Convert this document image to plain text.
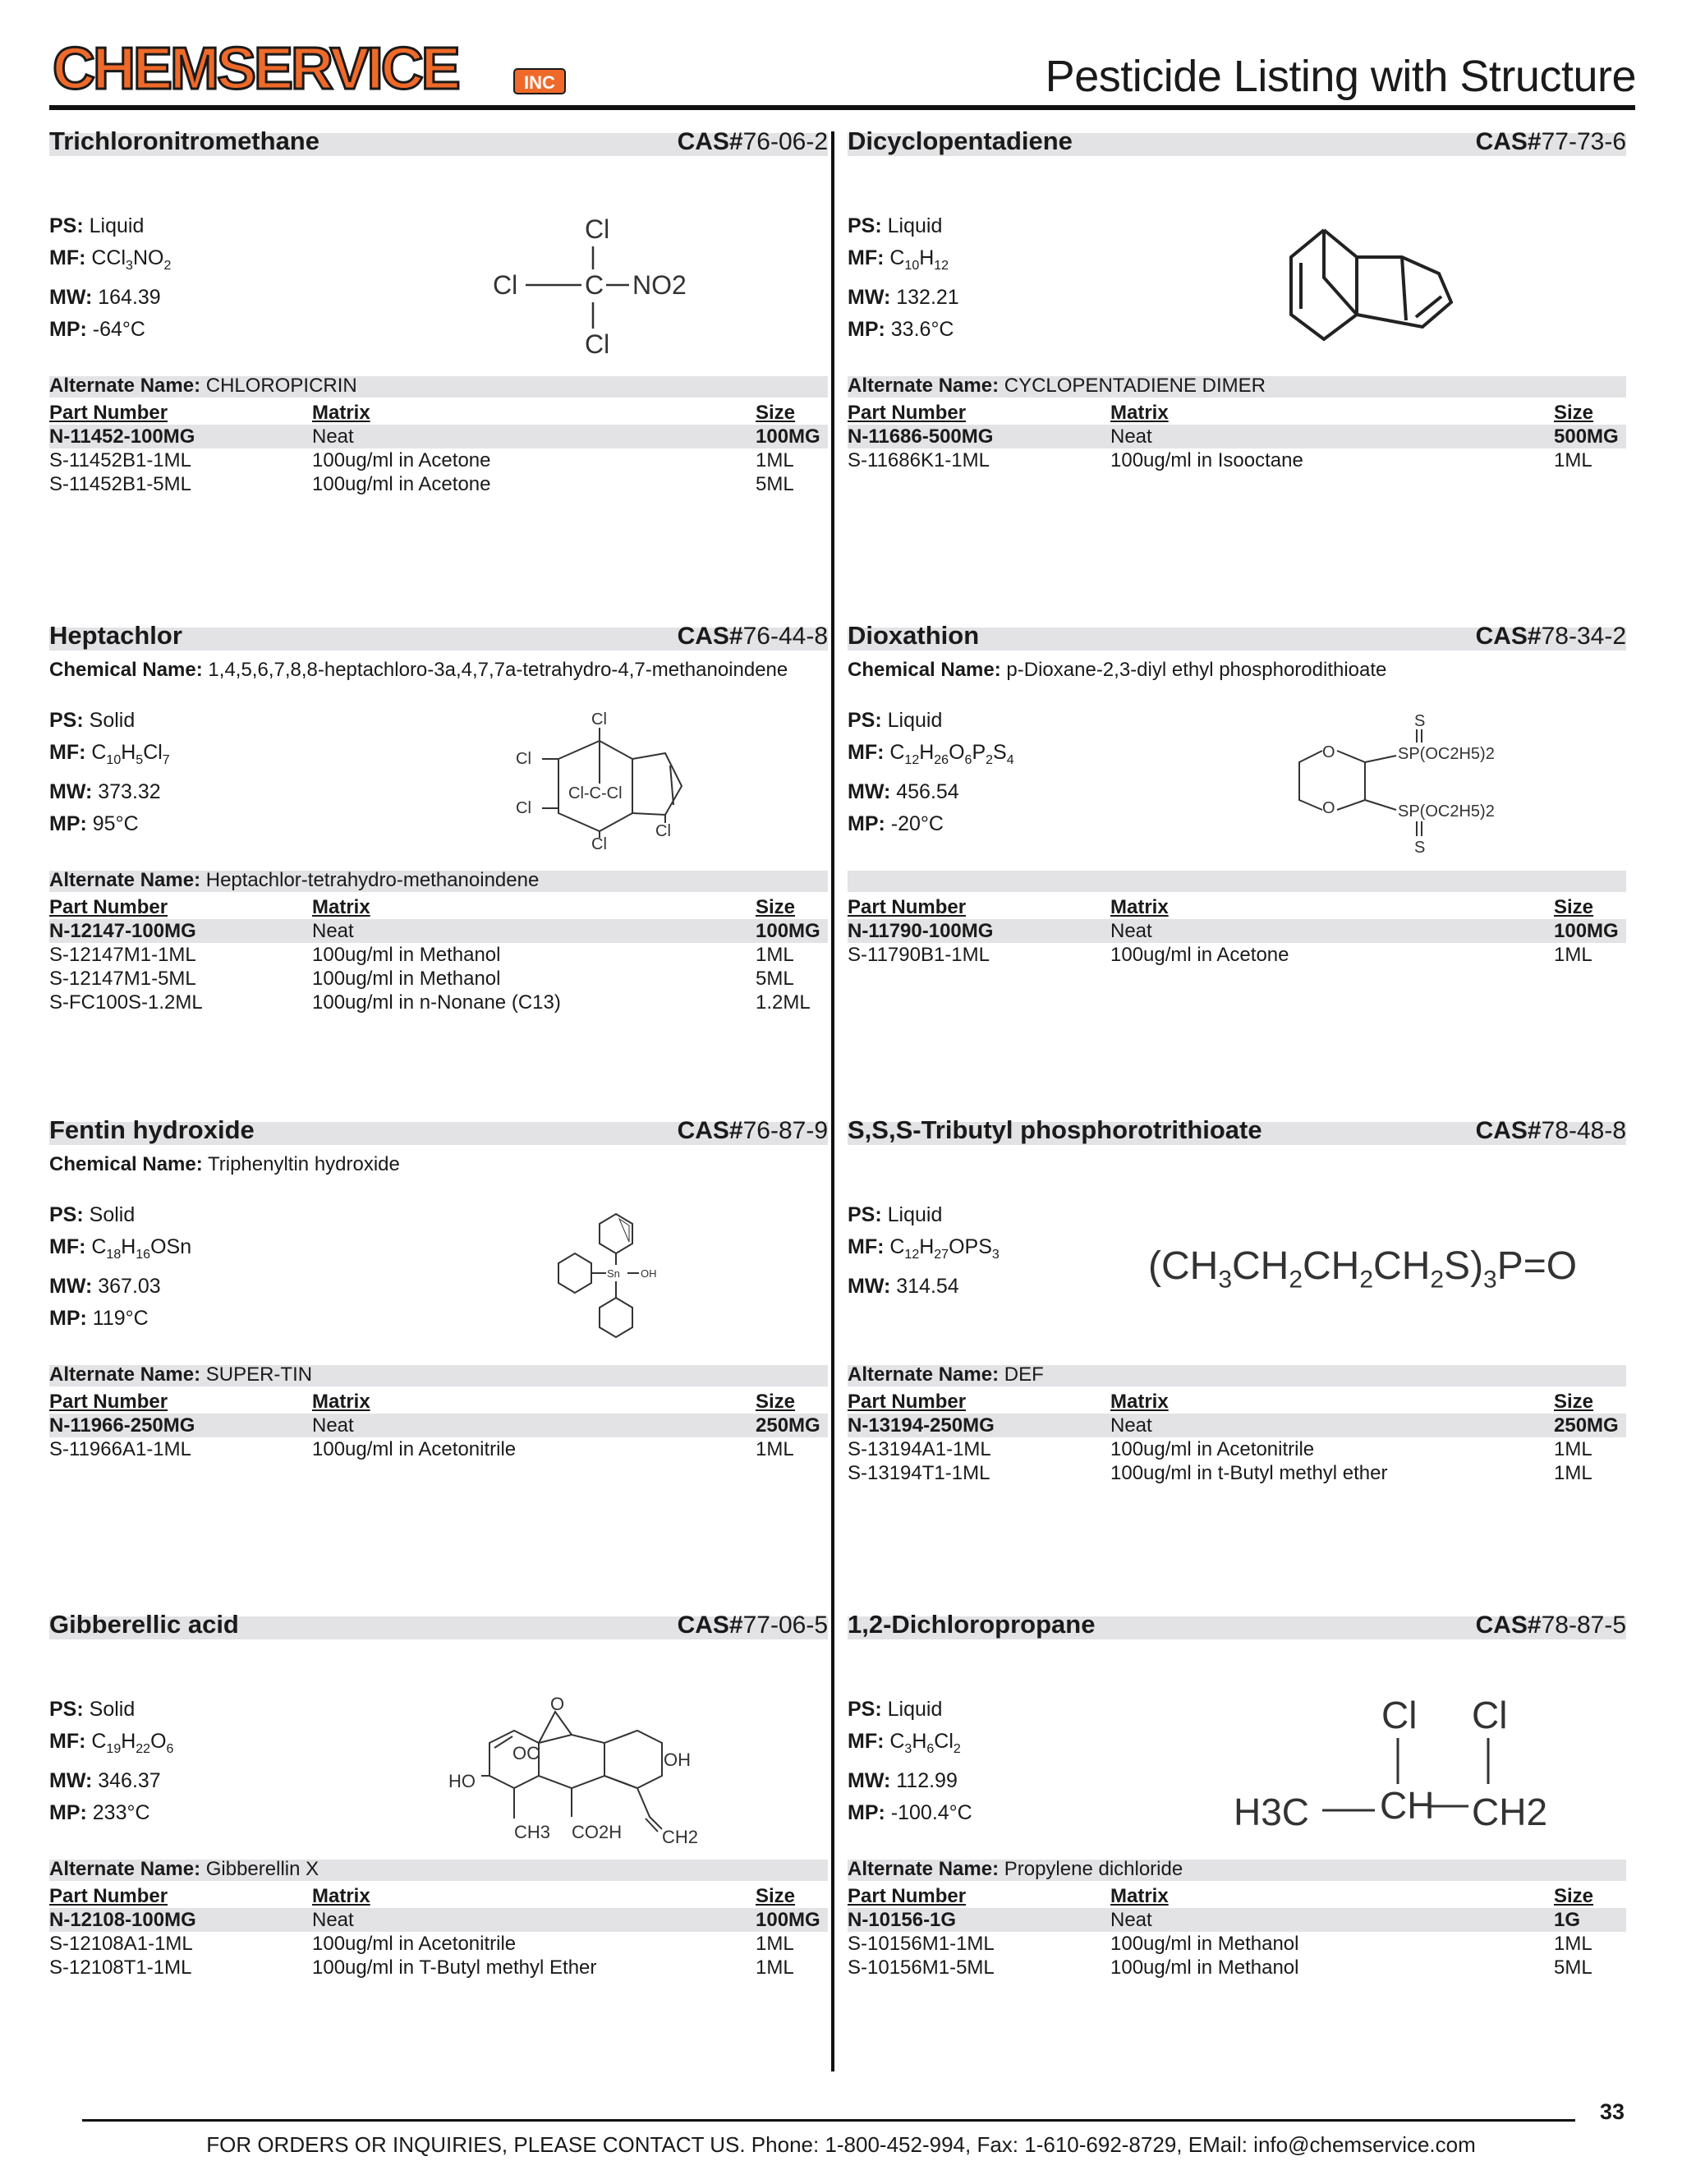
CHEMSERVICE	INC	Pesticide Listing with Structure
Trichloronitromethane	CAS#76-06-2
PS: Liquid
MF: $CCl_3NO_2$
MW: 164.39
MP: -64°C
Cl
Cl	C NO2
Cl
Alternate Name: CHLOROPICRIN
Part Number	Matrix	Size
N-11452-100MG	Neat	100MG
S-11452B1-1ML	100ug/ml in Acetone	1ML
S-11452B1-5ML	100ug/ml in Acetone	5ML
Dicyclopentadiene	CAS#77-73-6
PS: Liquid
MF: $C_{10}H_{12}$
MW: 132.21
MP: 33.6°C
Alternate Name: CYCLOPENTADIENE DIMER
Part Number	Matrix	Size
N-11686-500MG	Neat	500MG
S-11686K1-1ML	100ug/ml in Isooctane	1ML
Heptachlor	CAS#76-44-8
Chemical Name: 1,4,5,6,7,8,8-heptachloro-3a,4,7,7a-tetrahydro-4,7-methanoindene
PS: Solid
MF: $C_{10}H_5Cl_7$
MW: 373.32
MP: 95°C
Cl
Cl
Cl-C-Cl
Cl
Cl
Cl
Alternate Name: Heptachlor-tetrahydro-methanoindene
Part Number	Matrix	Size
N-12147-100MG	Neat	100MG
S-12147M1-1ML	100ug/ml in Methanol	1ML
S-12147M1-5ML	100ug/ml in Methanol	5ML
S-FC100S-1.2ML	100ug/ml in n-Nonane (C13)	1.2ML
Dioxathion	CAS#78-34-2
Chemical Name: p-Dioxane-2,3-diyl ethyl phosphorodithioate
PS: Liquid
MF: $C_{12}H_{26}O_6P_2S_4$
MW: 456.54
MP: -20°C
S
SP(OC2H5)2
O
O	SP(OC2H5)2
S
Part Number	Matrix	Size
N-11790-100MG	Neat	100MG
S-11790B1-1ML	100ug/ml in Acetone	1ML
Fentin hydroxide	CAS#76-87-9
Chemical Name: Triphenyltin hydroxide
PS: Solid
MF: $C_{18}H_{16}OSn$
MW: 367.03
MP: 119°C
Sn OH
Alternate Name: SUPER-TIN
Part Number	Matrix	Size
N-11966-250MG	Neat	250MG
S-11966A1-1ML	100ug/ml in Acetonitrile	1ML
S,S,S-Tributyl phosphorotrithioate	CAS#78-48-8
PS: Liquid
MF: $C_{12}H_{27}OPS_3$
MW: 314.54	$(CH_3CH_2CH_2CH_2S)_3P=O$
Alternate Name: DEF
Part Number	Matrix	Size
N-13194-250MG	Neat	250MG
S-13194A1-1ML	100ug/ml in Acetonitrile	1ML
S-13194T1-1ML	100ug/ml in t-Butyl methyl ether	1ML
Gibberellic acid	CAS#77-06-5
PS: Solid
MF: $C_{19}H_{22}O_6$
MW: 346.37
MP: 233°C
O
OC	OH
HO
CH3 CO2H CH2
Alternate Name: Gibberellin X
Part Number	Matrix	Size
N-12108-100MG	Neat	100MG
S-12108A1-1ML	100ug/ml in Acetonitrile	1ML
S-12108T1-1ML	100ug/ml in T-Butyl methyl Ether	1ML
1,2-Dichloropropane	CAS#78-87-5
PS: Liquid
MF: $C_3H_6Cl_2$
MW: 112.99
MP: -100.4°C
Cl Cl
H3C CH CH2
Alternate Name: Propylene dichloride
Part Number	Matrix	Size
N-10156-1G	Neat	1G
S-10156M1-1ML	100ug/ml in Methanol	1ML
S-10156M1-5ML	100ug/ml in Methanol	5ML
33
FOR ORDERS OR INQUIRIES, PLEASE CONTACT US. Phone: 1-800-452-994, Fax: 1-610-692-8729, EMail: info@chemservice.com
